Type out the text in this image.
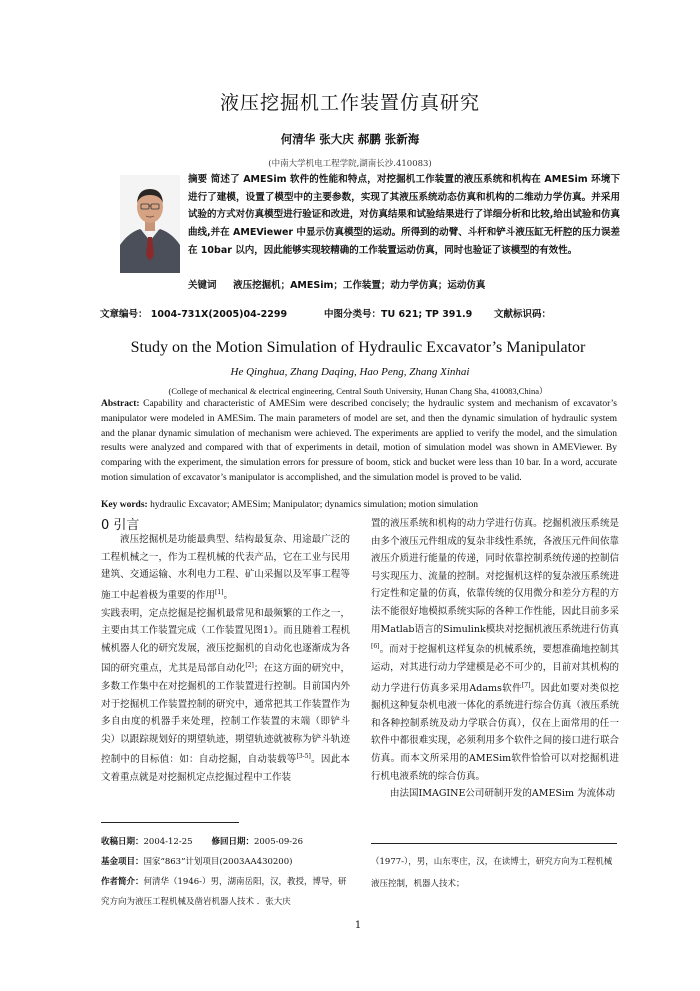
液压挖掘机工作装置仿真研究
何清华 张大庆 郝鹏 张新海
(中南大学机电工程学院,湖南长沙.410083)
摘要 简述了 AMESim 软件的性能和特点，对挖掘机工作装置的液压系统和机构在 AMESim 环境下进行了建模，设置了模型中的主要参数，实现了其液压系统动态仿真和机构的二维动力学仿真。并采用试验的方式对仿真模型进行验证和改进，对仿真结果和试验结果进行了详细分析和比较,给出试验和仿真曲线,并在 AMEViewer 中显示仿真模型的运动。所得到的动臂、斗杆和铲斗液压缸无杆腔的压力误差在 10bar 以内，因此能够实现较精确的工作装置运动仿真，同时也验证了该模型的有效性。
关键词 液压挖掘机；AMESim；工作装置；动力学仿真；运动仿真
文章编号： 1004-731X(2005)04-2299	中图分类号：TU 621; TP 391.9	文献标识码：
Study on the Motion Simulation of Hydraulic Excavator’s Manipulator
He Qinghua, Zhang Daqing, Hao Peng, Zhang Xinhai
(College of mechanical & electrical engineering, Central South University, Hunan Chang Sha, 410083,China）
Abstract: Capability and characteristic of AMESim were described concisely; the hydraulic system and mechanism of excavator’s manipulator were modeled in AMESim. The main parameters of model are set, and then the dynamic simulation of hydraulic system and the planar dynamic simulation of mechanism were achieved. The experiments are applied to verify the model, and the simulation results were analyzed and compared with that of experiments in detail, motion of simulation model was shown in AMEViewer. By comparing with the experiment, the simulation errors for pressure of boom, stick and bucket were less than 10 bar. In a word, accurate motion simulation of excavator’s manipulator is accomplished, and the simulation model is proved to be valid.
Key words: hydraulic Excavator; AMESim; Manipulator; dynamics simulation; motion simulation
0 引言

液压挖掘机是功能最典型、结构最复杂、用途最广泛的工程机械之一，作为工程机械的代表产品，它在工业与民用建筑、交通运输、水利电力工程、矿山采掘以及军事工程等施工中起着极为重要的作用[1]。

实践表明，定点挖掘是挖掘机最常见和最频繁的工作之一，主要由其工作装置完成（工作装置见图1）。而且随着工程机械机器人化的研究发展，液压挖掘机的自动化也逐渐成为各国的研究重点，尤其是局部自动化[2]；在这方面的研究中，多数工作集中在对挖掘机的工作装置进行控制。目前国内外对于挖掘机工作装置控制的研究中，通常把其工作装置作为多自由度的机器手来处理，控制工作装置的末端（即铲斗尖）以跟踪规划好的期望轨迹，期望轨迹就被称为铲斗轨迹控制中的目标值：如：自动挖掘，自动装载等[3-5]。因此本文着重点就是对挖掘机定点挖掘过程中工作装

置的液压系统和机构的动力学进行仿真。挖掘机液压系统是由多个液压元件组成的复杂非线性系统，各液压元件间依靠液压介质进行能量的传递，同时依靠控制系统传递的控制信号实现压力、流量的控制。对挖掘机这样的复杂液压系统进行定性和定量的仿真，依靠传统的仅用微分和差分方程的方法不能很好地模拟系统实际的各种工作性能，因此目前多采用Matlab语言的Simulink模块对挖掘机液压系统进行仿真[6]。而对于挖掘机这样复杂的机械系统，要想准确地控制其运动，对其进行动力学建模是必不可少的，目前对其机构的动力学进行仿真多采用Adams软件[7]。因此如要对类似挖掘机这种复杂机电液一体化的系统进行综合仿真（液压系统和各种控制系统及动力学联合仿真），仅在上面常用的任一软件中都很难实现，必须利用多个软件之间的接口进行联合仿真。而本文所采用的AMESim软件恰恰可以对挖掘机进行机电液系统的综合仿真。

由法国IMAGINE公司研制开发的AMESim 为流体动

收稿日期：2004-12-25 修回日期：2005-09-26
基金项目：国家“863”计划项目(2003AA430200)
作者简介：何清华（1946-）男，湖南岳阳，汉，教授，博导，研究方向为液压工程机械及凿岩机器人技术 ．张大庆
（1977-），男，山东枣庄，汉，在读博士，研究方向为工程机械液压控制，机器人技术；
1
